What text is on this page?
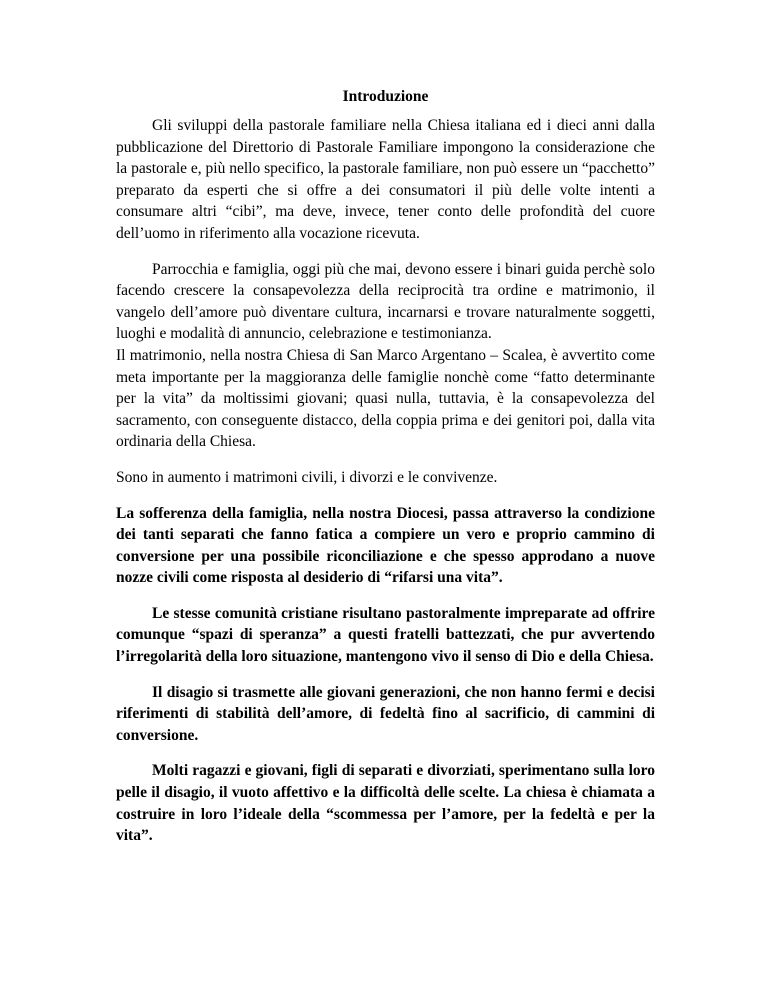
Introduzione

Gli sviluppi della pastorale familiare nella Chiesa italiana ed i dieci anni dalla pubblicazione del Direttorio di Pastorale Familiare impongono la considerazione che la pastorale e, più nello specifico, la pastorale familiare, non può essere un “pacchetto” preparato da esperti che si offre a dei consumatori il più delle volte intenti a consumare altri “cibi”, ma deve, invece, tener conto delle profondità del cuore dell’uomo in riferimento alla vocazione ricevuta.

Parrocchia e famiglia, oggi più che mai, devono essere i binari guida perchè solo facendo crescere la consapevolezza della reciprocità tra ordine e matrimonio, il vangelo dell’amore può diventare cultura, incarnarsi e trovare naturalmente soggetti, luoghi e modalità di annuncio, celebrazione e testimonianza.

Il matrimonio, nella nostra Chiesa di San Marco Argentano – Scalea, è avvertito come meta importante per la maggioranza delle famiglie nonchè come “fatto determinante per la vita” da moltissimi giovani; quasi nulla, tuttavia, è la consapevolezza del sacramento, con conseguente distacco, della coppia prima e dei genitori poi, dalla vita ordinaria della Chiesa.

Sono in aumento i matrimoni civili, i divorzi e le convivenze.

La sofferenza della famiglia, nella nostra Diocesi, passa attraverso la condizione dei tanti separati che fanno fatica a compiere un vero e proprio cammino di conversione per una possibile riconciliazione e che spesso approdano a nuove nozze civili come risposta al desiderio di “rifarsi una vita”.

Le stesse comunità cristiane risultano pastoralmente impreparate ad offrire comunque “spazi di speranza” a questi fratelli battezzati, che pur avvertendo l’irregolarità della loro situazione, mantengono vivo il senso di Dio e della Chiesa.

Il disagio si trasmette alle giovani generazioni, che non hanno fermi e decisi riferimenti di stabilità dell’amore, di fedeltà fino al sacrificio, di cammini di conversione.

Molti ragazzi e giovani, figli di separati e divorziati, sperimentano sulla loro pelle il disagio, il vuoto affettivo e la difficoltà delle scelte. La chiesa è chiamata a costruire in loro l’ideale della “scommessa per l’amore, per la fedeltà e per la vita”.
